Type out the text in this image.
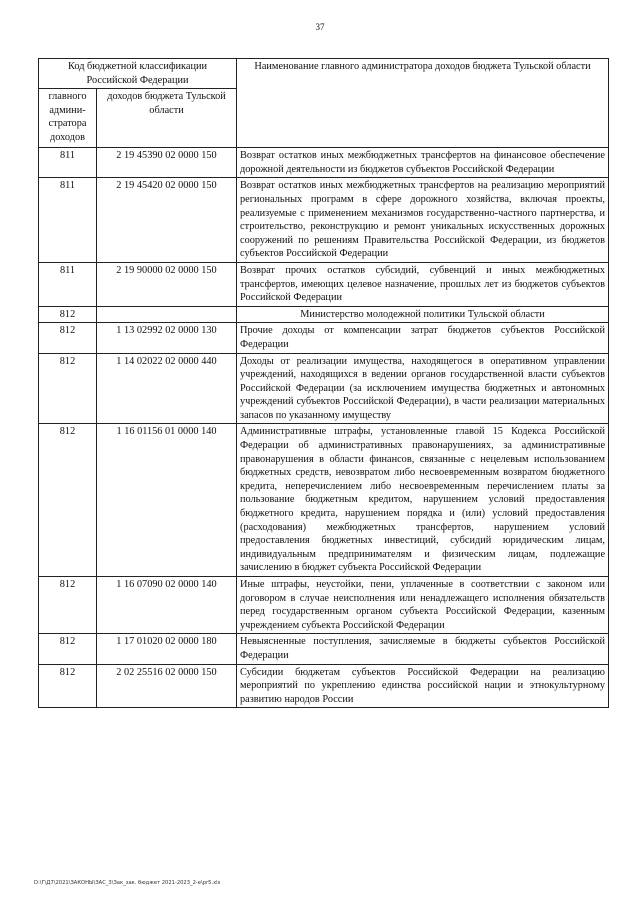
37
Код бюджетной классификации Российской Федерации		Наименование главного администратора доходов бюджета Тульской области
главного админи-стратора доходов	доходов бюджета Тульской области	
811	2 19 45390 02 0000 150	Возврат остатков иных межбюджетных трансфертов на финансовое обеспечение дорожной деятельности из бюджетов субъектов Российской Федерации
811	2 19 45420 02 0000 150	Возврат остатков иных межбюджетных трансфертов на реализацию мероприятий региональных программ в сфере дорожного хозяйства, включая проекты, реализуемые с применением механизмов государственно-частного партнерства, и строительство, реконструкцию и ремонт уникальных искусственных дорожных сооружений по решениям Правительства Российской Федерации, из бюджетов субъектов Российской Федерации
811	2 19 90000 02 0000 150	Возврат прочих остатков субсидий, субвенций и иных межбюджетных трансфертов, имеющих целевое назначение, прошлых лет из бюджетов субъектов Российской Федерации
812		Министерство молодежной политики Тульской области
812	1 13 02992 02 0000 130	Прочие доходы от компенсации затрат бюджетов субъектов Российской Федерации
812	1 14 02022 02 0000 440	Доходы от реализации имущества, находящегося в оперативном управлении учреждений, находящихся в ведении органов государственной власти субъектов Российской Федерации (за исключением имущества бюджетных и автономных учреждений субъектов Российской Федерации), в части реализации материальных запасов по указанному имуществу
812	1 16 01156 01 0000 140	Административные штрафы, установленные главой 15 Кодекса Российской Федерации об административных правонарушениях, за административные правонарушения в области финансов, связанные с нецелевым использованием бюджетных средств, невозвратом либо несвоевременным возвратом бюджетного кредита, неперечислением либо несвоевременным перечислением платы за пользование бюджетным кредитом, нарушением условий предоставления бюджетного кредита, нарушением порядка и (или) условий предоставления (расходования) межбюджетных трансфертов, нарушением условий предоставления бюджетных инвестиций, субсидий юридическим лицам, индивидуальным предпринимателям и физическим лицам, подлежащие зачислению в бюджет субъекта Российской Федерации
812	1 16 07090 02 0000 140	Иные штрафы, неустойки, пени, уплаченные в соответствии с законом или договором в случае неисполнения или ненадлежащего исполнения обязательств перед государственным органом субъекта Российской Федерации, казенным учреждением субъекта Российской Федерации
812	1 17 01020 02 0000 180	Невыясненные поступления, зачисляемые в бюджеты субъектов Российской Федерации
812	2 02 25516 02 0000 150	Субсидии бюджетам субъектов Российской Федерации на реализацию мероприятий по укреплению единства российской нации и этнокультурному развитию народов России
D:\Г\Д7\2021\ЗАКОНЫ\ЗАС_3\Зак_зак. бюджет 2021-2023_2-e\pr5.xls
